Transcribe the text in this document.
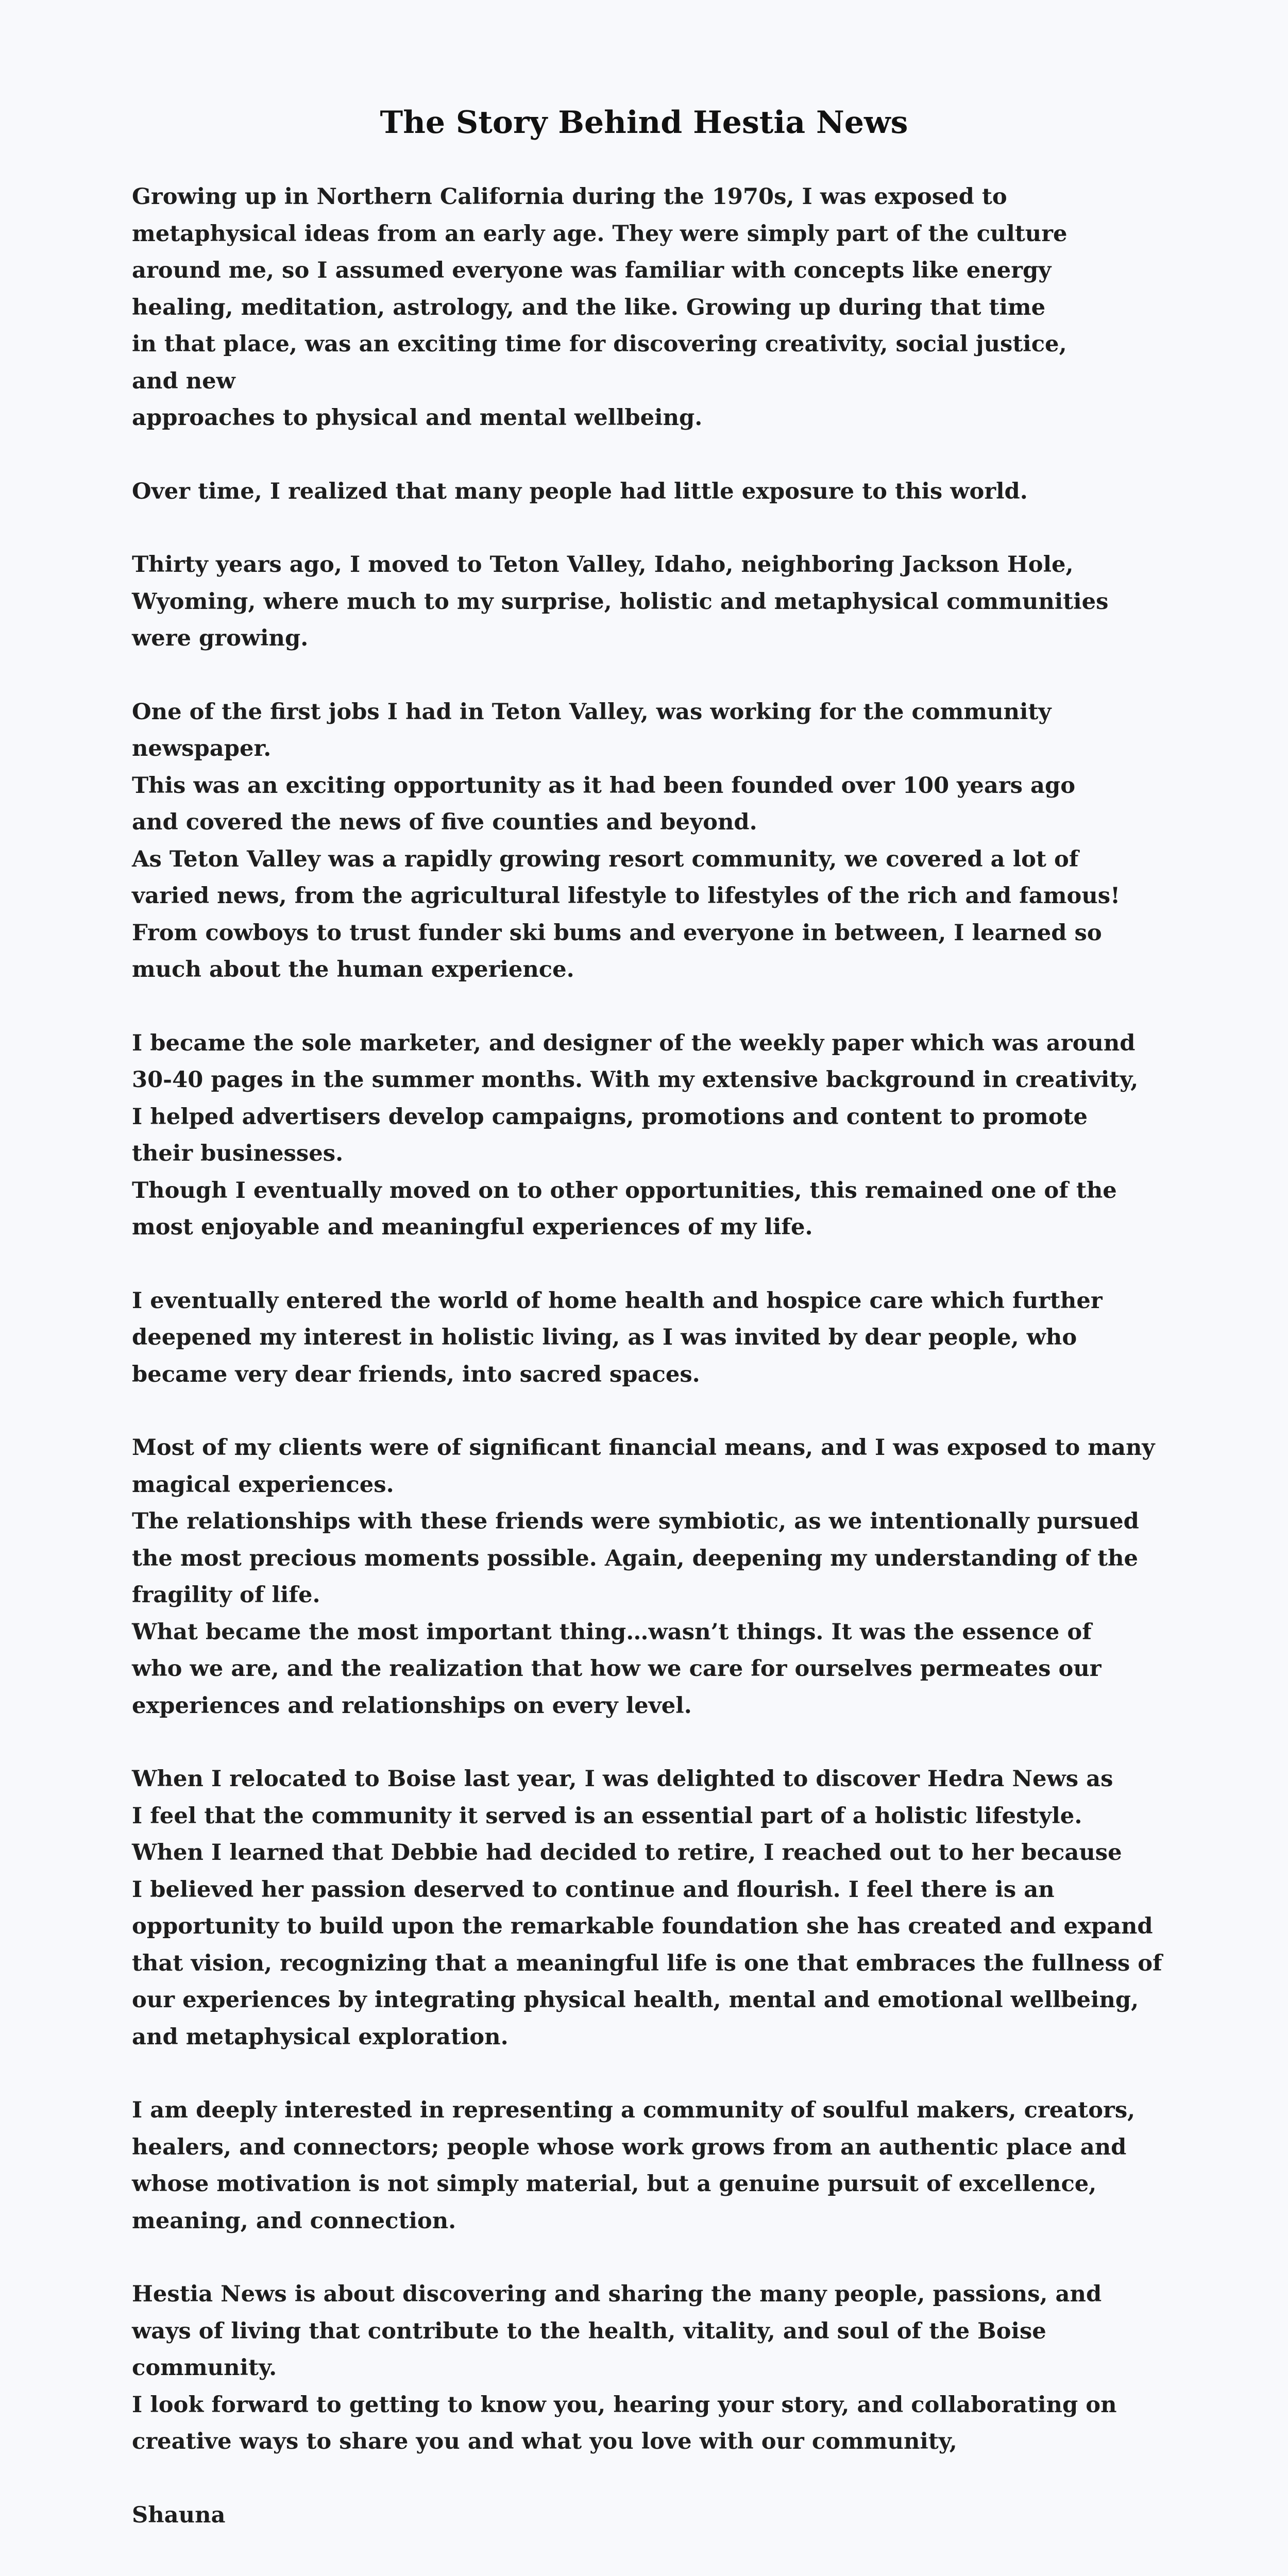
The Story Behind Hestia News

Growing up in Northern California during the 1970s, I was exposed to
metaphysical ideas from an early age. They were simply part of the culture
around me, so I assumed everyone was familiar with concepts like energy
healing, meditation, astrology, and the like. Growing up during that time
in that place, was an exciting time for discovering creativity, social justice,
and new
approaches to physical and mental wellbeing.

Over time, I realized that many people had little exposure to this world.

Thirty years ago, I moved to Teton Valley, Idaho, neighboring Jackson Hole,
Wyoming, where much to my surprise, holistic and metaphysical communities
were growing.

One of the first jobs I had in Teton Valley, was working for the community
newspaper.
This was an exciting opportunity as it had been founded over 100 years ago
and covered the news of five counties and beyond.
As Teton Valley was a rapidly growing resort community, we covered a lot of
varied news, from the agricultural lifestyle to lifestyles of the rich and famous!
From cowboys to trust funder ski bums and everyone in between, I learned so
much about the human experience.

I became the sole marketer, and designer of the weekly paper which was around
30-40 pages in the summer months. With my extensive background in creativity,
I helped advertisers develop campaigns, promotions and content to promote
their businesses.
Though I eventually moved on to other opportunities, this remained one of the
most enjoyable and meaningful experiences of my life.

I eventually entered the world of home health and hospice care which further
deepened my interest in holistic living, as I was invited by dear people, who
became very dear friends, into sacred spaces.

Most of my clients were of significant financial means, and I was exposed to many
magical experiences.
The relationships with these friends were symbiotic, as we intentionally pursued
the most precious moments possible. Again, deepening my understanding of the
fragility of life.
What became the most important thing…wasn’t things. It was the essence of
who we are, and the realization that how we care for ourselves permeates our
experiences and relationships on every level.

When I relocated to Boise last year, I was delighted to discover Hedra News as
I feel that the community it served is an essential part of a holistic lifestyle.
When I learned that Debbie had decided to retire, I reached out to her because
I believed her passion deserved to continue and flourish. I feel there is an
opportunity to build upon the remarkable foundation she has created and expand
that vision, recognizing that a meaningful life is one that embraces the fullness of
our experiences by integrating physical health, mental and emotional wellbeing,
and metaphysical exploration.

I am deeply interested in representing a community of soulful makers, creators,
healers, and connectors; people whose work grows from an authentic place and
whose motivation is not simply material, but a genuine pursuit of excellence,
meaning, and connection.

Hestia News is about discovering and sharing the many people, passions, and
ways of living that contribute to the health, vitality, and soul of the Boise
community.
I look forward to getting to know you, hearing your story, and collaborating on
creative ways to share you and what you love with our community,

Shauna
